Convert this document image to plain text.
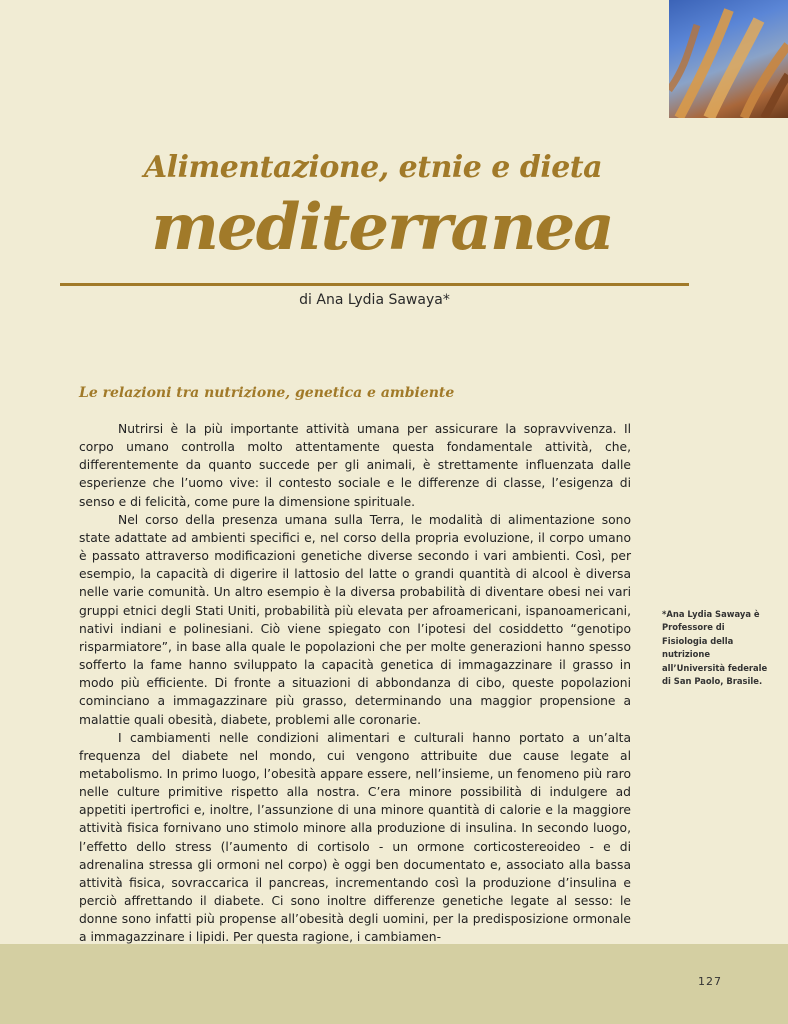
Alimentazione, etnie e dieta
mediterranea
di Ana Lydia Sawaya*
Le relazioni tra nutrizione, genetica e ambiente

Nutrirsi è la più importante attività umana per assicurare la sopravvivenza. Il corpo umano controlla molto attentamente questa fondamentale attività, che, differentemente da quanto succede per gli animali, è strettamente influenzata dalle esperienze che l’uomo vive: il contesto sociale e le differenze di classe, l’esigenza di senso e di felicità, come pure la dimensione spirituale.

Nel corso della presenza umana sulla Terra, le modalità di alimentazione sono state adattate ad ambienti specifici e, nel corso della propria evoluzione, il corpo umano è passato attraverso modificazioni genetiche diverse secondo i vari ambienti. Così, per esempio, la capacità di digerire il lattosio del latte o grandi quantità di alcool è diversa nelle varie comunità. Un altro esempio è la diversa probabilità di diventare obesi nei vari gruppi etnici degli Stati Uniti, probabilità più elevata per afroamericani, ispanoamericani, nativi indiani e polinesiani. Ciò viene spiegato con l’ipotesi del cosiddetto “genotipo risparmiatore”, in base alla quale le popolazioni che per molte generazioni hanno spesso sofferto la fame hanno sviluppato la capacità genetica di immagazzinare il grasso in modo più efficiente. Di fronte a situazioni di abbondanza di cibo, queste popolazioni cominciano a immagazzinare più grasso, determinando una maggior propensione a malattie quali obesità, diabete, problemi alle coronarie.

I cambiamenti nelle condizioni alimentari e culturali hanno portato a un’alta frequenza del diabete nel mondo, cui vengono attribuite due cause legate al metabolismo. In primo luogo, l’obesità appare essere, nell’insieme, un fenomeno più raro nelle culture primitive rispetto alla nostra. C’era minore possibilità di indulgere ad appetiti ipertrofici e, inoltre, l’assunzione di una minore quantità di calorie e la maggiore attività fisica fornivano uno stimolo minore alla produzione di insulina. In secondo luogo, l’effetto dello stress (l’aumento di cortisolo - un ormone corticostereoideo - e di adrenalina stressa gli ormoni nel corpo) è oggi ben documentato e, associato alla bassa attività fisica, sovraccarica il pancreas, incrementando così la produzione d’insulina e perciò affrettando il diabete. Ci sono inoltre differenze genetiche legate al sesso: le donne sono infatti più propense all’obesità degli uomini, per la predisposizione ormonale a immagazzinare i lipidi. Per questa ragione, i cambiamen-

*Ana Lydia Sawaya è Professore di Fisiologia della nutrizione all’Università federale di San Paolo, Brasile.
127
